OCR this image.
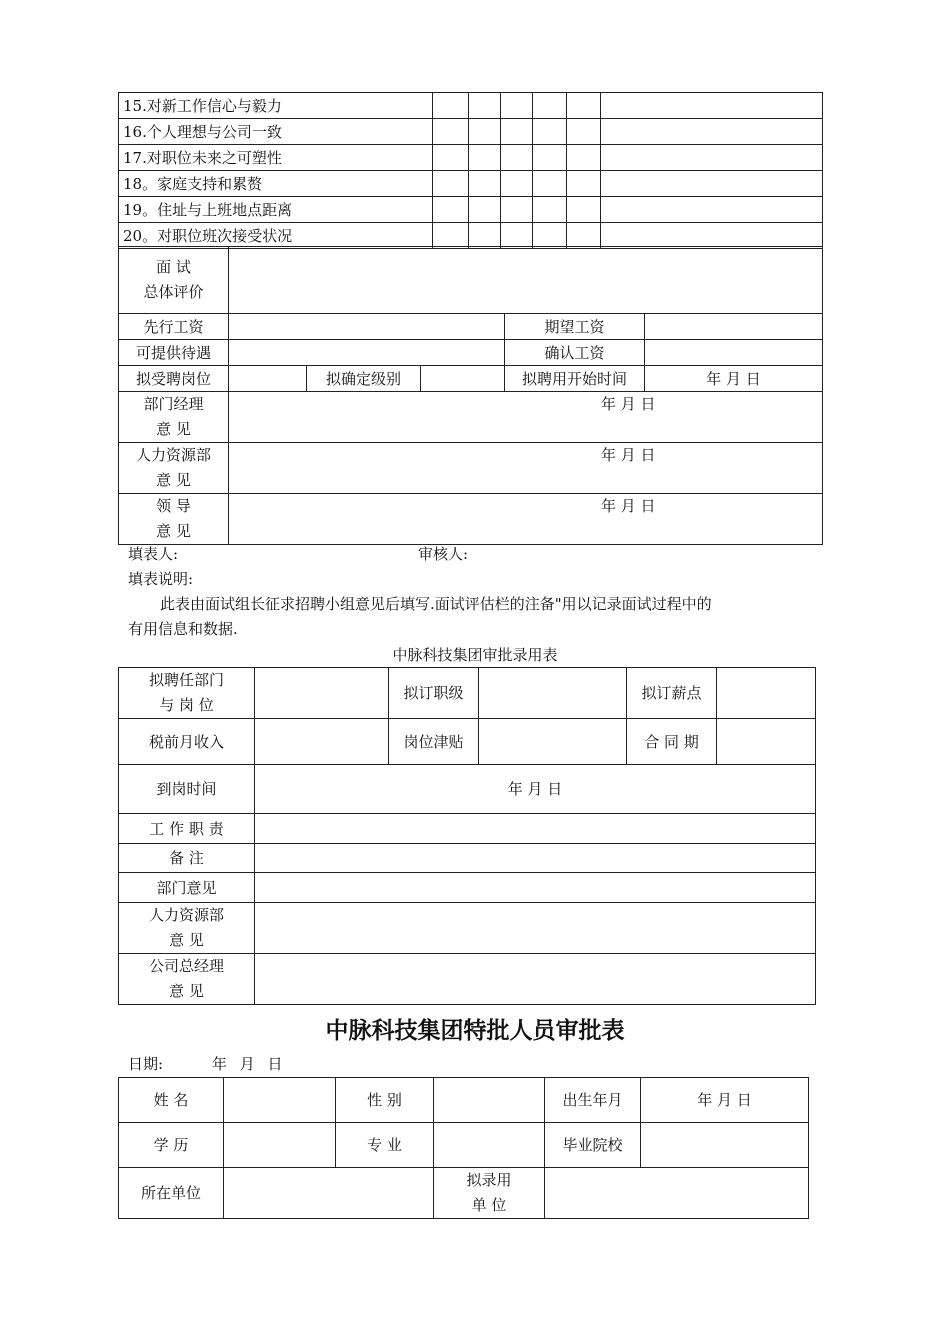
15.对新工作信心与毅力						
16.个人理想与公司一致						
17.对职位未来之可塑性						
18。家庭支持和累赘						
19。住址与上班地点距离						
20。对职位班次接受状况						
面 试
总体评价					
先行工资				期望工资	
可提供待遇				确认工资	
拟受聘岗位		拟确定级别		拟聘用开始时间	年 月 日
部门经理
意 见	年 月 日				
人力资源部
意 见	年 月 日				
领 导
意 见	年 月 日				
填表人:	审核人:
填表说明:
此表由面试组长征求招聘小组意见后填写.面试评估栏的注备"用以记录面试过程中的
有用信息和数据.
中脉科技集团审批录用表
拟聘任部门
与 岗 位		拟订职级		拟订薪点	
税前月收入		岗位津贴		合 同 期	
到岗时间	年 月 日				
工 作 职 责					
备 注					
部门意见					
人力资源部
意 见					
公司总经理
意 见					
中脉科技集团特批人员审批表
日期:	年 月 日
姓 名		性 别		出生年月	年 月 日
学 历		专 业		毕业院校	
所在单位			拟录用
单 位		
